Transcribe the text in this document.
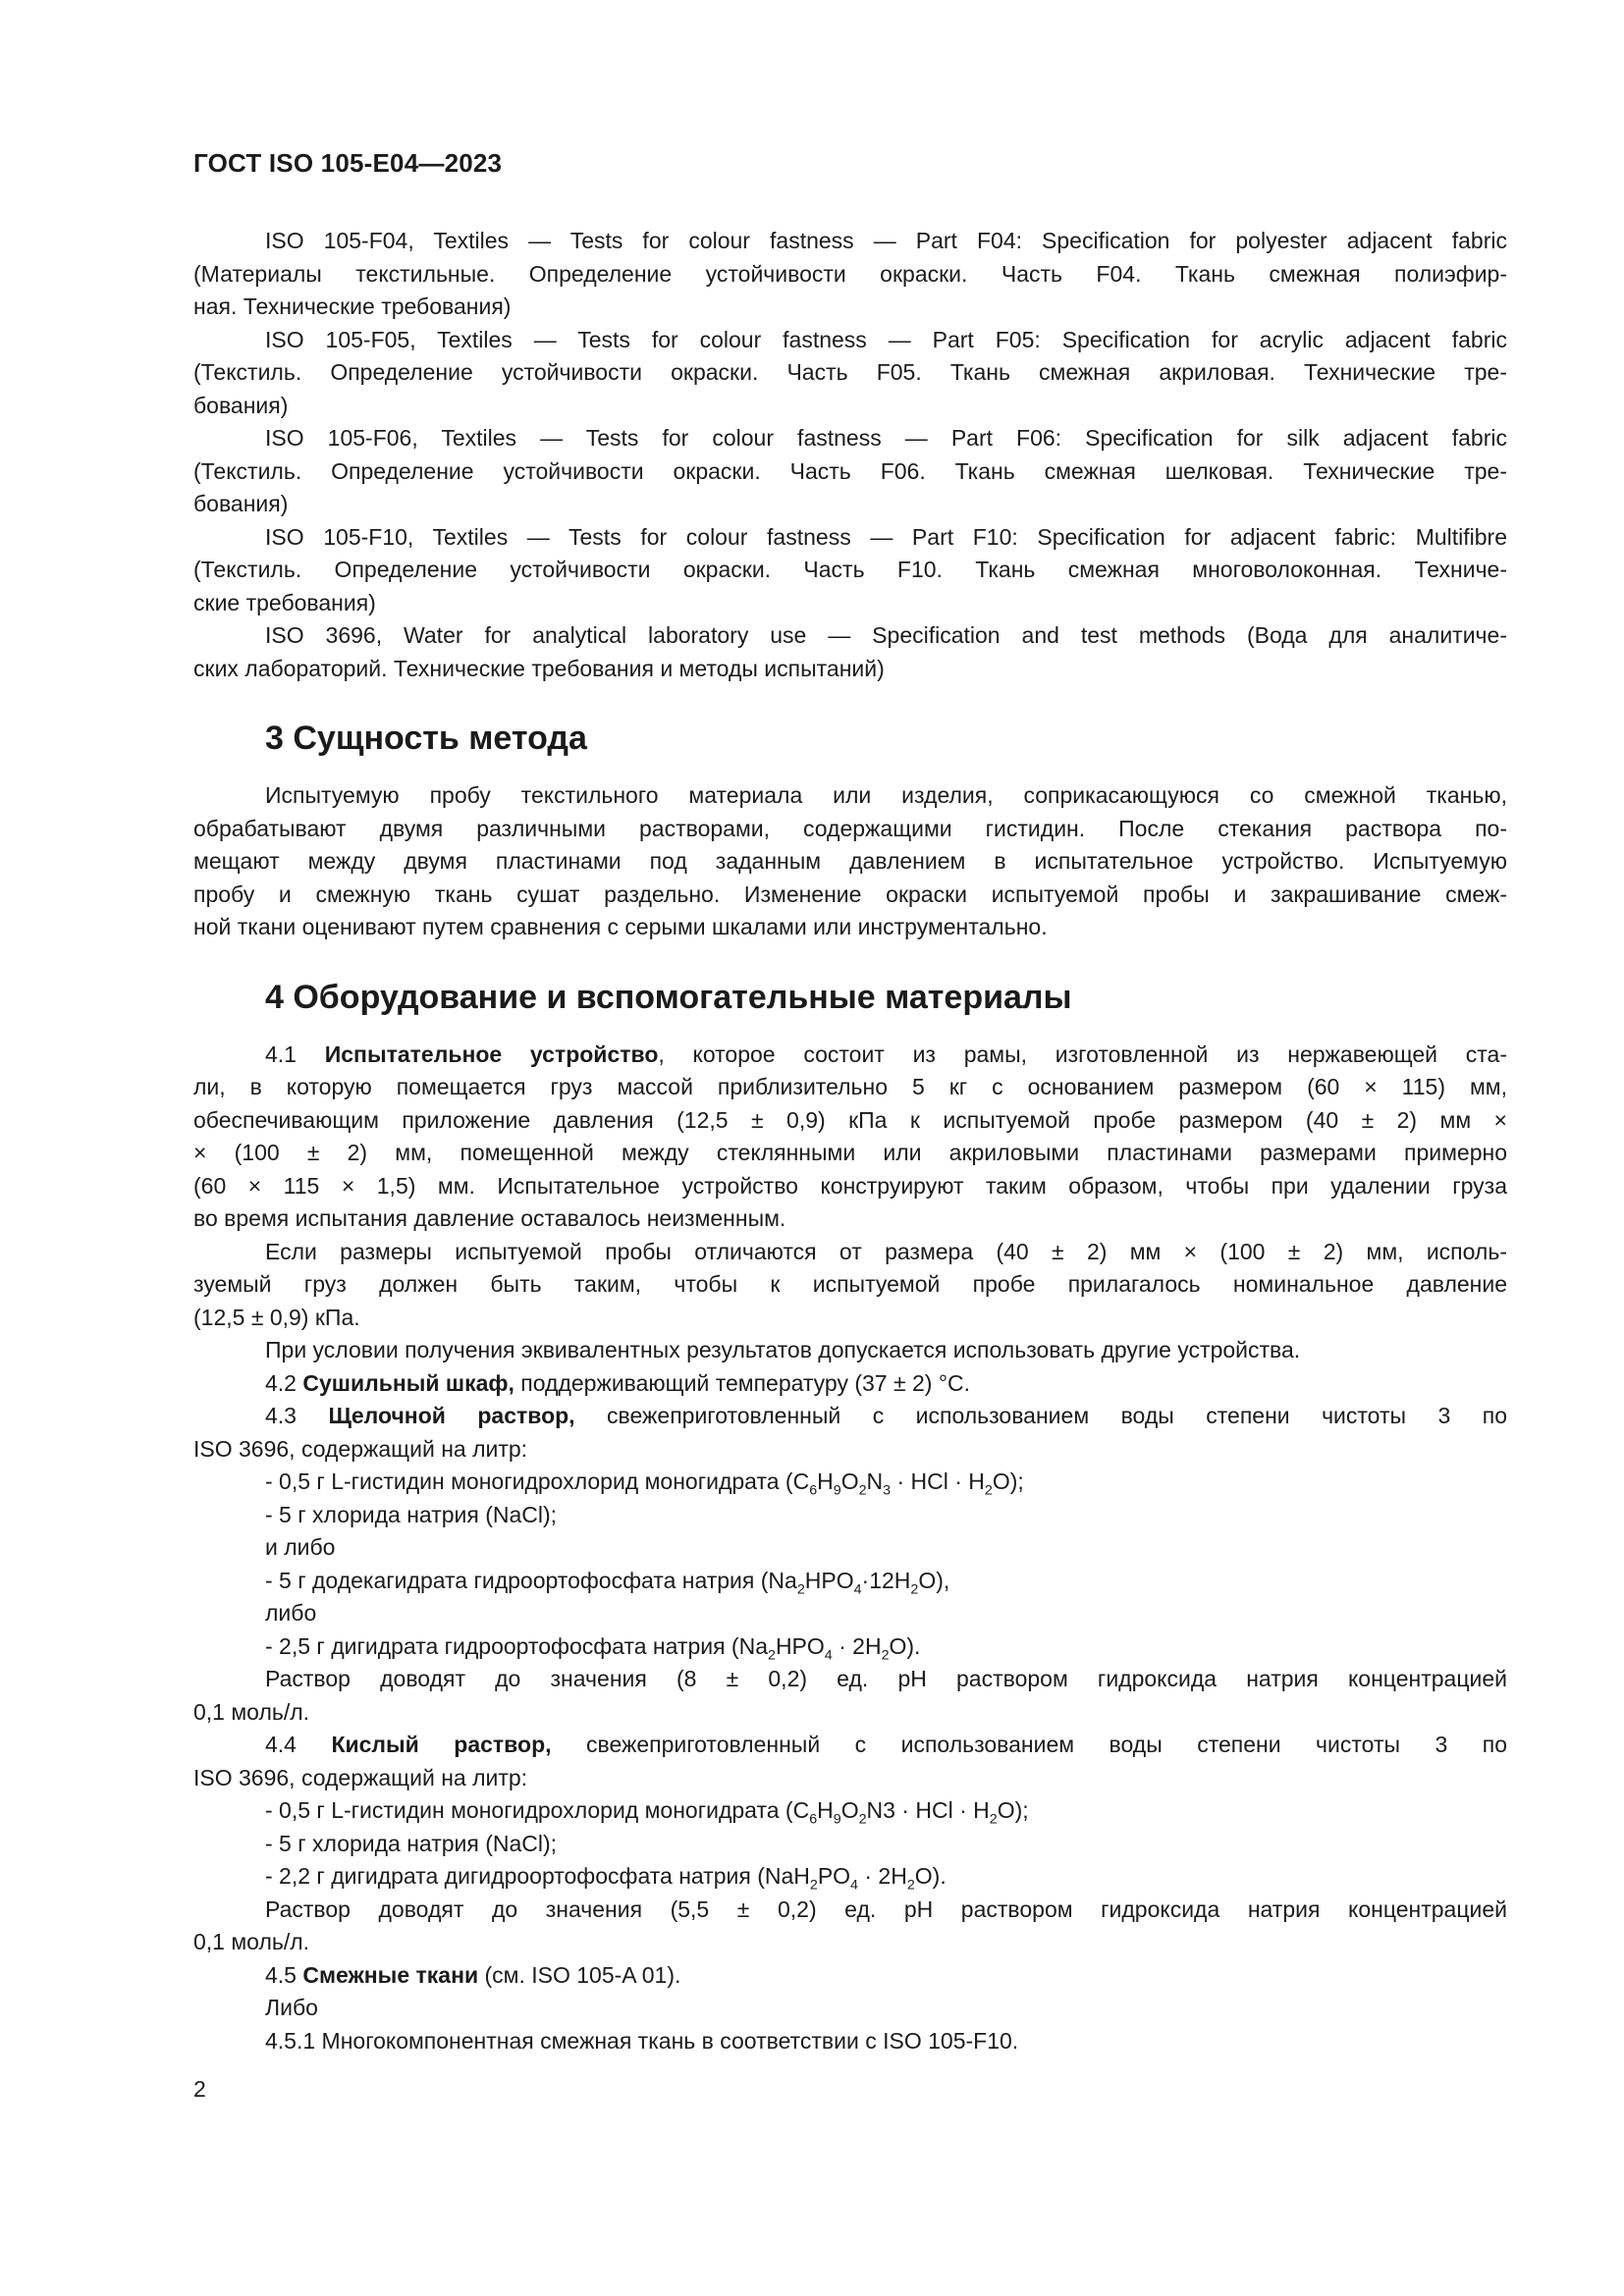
ГОСТ ISO 105-E04—2023
ISO 105-F04, Textiles — Tests for colour fastness — Part F04: Specification for polyester adjacent fabric
(Материалы текстильные. Определение устойчивости окраски. Часть F04. Ткань смежная полиэфир-
ная. Технические требования)
ISO 105-F05, Textiles — Tests for colour fastness — Part F05: Specification for acrylic adjacent fabric
(Текстиль. Определение устойчивости окраски. Часть F05. Ткань смежная акриловая. Технические тре-
бования)
ISO 105-F06, Textiles — Tests for colour fastness — Part F06: Specification for silk adjacent fabric
(Текстиль. Определение устойчивости окраски. Часть F06. Ткань смежная шелковая. Технические тре-
бования)
ISO 105-F10, Textiles — Tests for colour fastness — Part F10: Specification for adjacent fabric: Multifibre
(Текстиль. Определение устойчивости окраски. Часть F10. Ткань смежная многоволоконная. Техниче-
ские требования)
ISO 3696, Water for analytical laboratory use — Specification and test methods (Вода для аналитиче-
ских лабораторий. Технические требования и методы испытаний)
3 Сущность метода
Испытуемую пробу текстильного материала или изделия, соприкасающуюся со смежной тканью,
обрабатывают двумя различными растворами, содержащими гистидин. После стекания раствора по-
мещают между двумя пластинами под заданным давлением в испытательное устройство. Испытуемую
пробу и смежную ткань сушат раздельно. Изменение окраски испытуемой пробы и закрашивание смеж-
ной ткани оценивают путем сравнения с серыми шкалами или инструментально.
4 Оборудование и вспомогательные материалы
4.1 Испытательное устройство, которое состоит из рамы, изготовленной из нержавеющей ста-
ли, в которую помещается груз массой приблизительно 5 кг с основанием размером (60 × 115) мм,
обеспечивающим приложение давления (12,5 ± 0,9) кПа к испытуемой пробе размером (40 ± 2) мм ×
× (100 ± 2) мм, помещенной между стеклянными или акриловыми пластинами размерами примерно
(60 × 115 × 1,5) мм. Испытательное устройство конструируют таким образом, чтобы при удалении груза
во время испытания давление оставалось неизменным.
Если размеры испытуемой пробы отличаются от размера (40 ± 2) мм × (100 ± 2) мм, исполь-
зуемый груз должен быть таким, чтобы к испытуемой пробе прилагалось номинальное давление
(12,5 ± 0,9) кПа.
При условии получения эквивалентных результатов допускается использовать другие устройства.
4.2 Сушильный шкаф, поддерживающий температуру (37 ± 2) °С.
4.3 Щелочной раствор, свежеприготовленный с использованием воды степени чистоты 3 по
ISO 3696, содержащий на литр:
- 0,5 г L-гистидин моногидрохлорид моногидрата ($C_6H_9O_2N_3$ · HCl · $H_2O$);
- 5 г хлорида натрия (NaCl);
и либо
- 5 г додекагидрата гидроортофосфата натрия $(Na_2HPO_4\cdot 12H_2O)$,
либо
- 2,5 г дигидрата гидроортофосфата натрия $(Na_2HPO_4 \cdot 2H_2O)$.
Раствор доводят до значения (8 ± 0,2) ед. pH раствором гидроксида натрия концентрацией
0,1 моль/л.
4.4 Кислый раствор, свежеприготовленный с использованием воды степени чистоты 3 по
ISO 3696, содержащий на литр:
- 0,5 г L-гистидин моногидрохлорид моногидрата ($C_6H_9O_2N3$ · HCl · $H_2O$);
- 5 г хлорида натрия (NaCl);
- 2,2 г дигидрата дигидроортофосфата натрия $(NaH_2PO_4 \cdot 2H_2O)$.
Раствор доводят до значения (5,5 ± 0,2) ед. pH раствором гидроксида натрия концентрацией
0,1 моль/л.
4.5 Смежные ткани (см. ISO 105-A 01).
Либо
4.5.1 Многокомпонентная смежная ткань в соответствии с ISO 105-F10.
2
